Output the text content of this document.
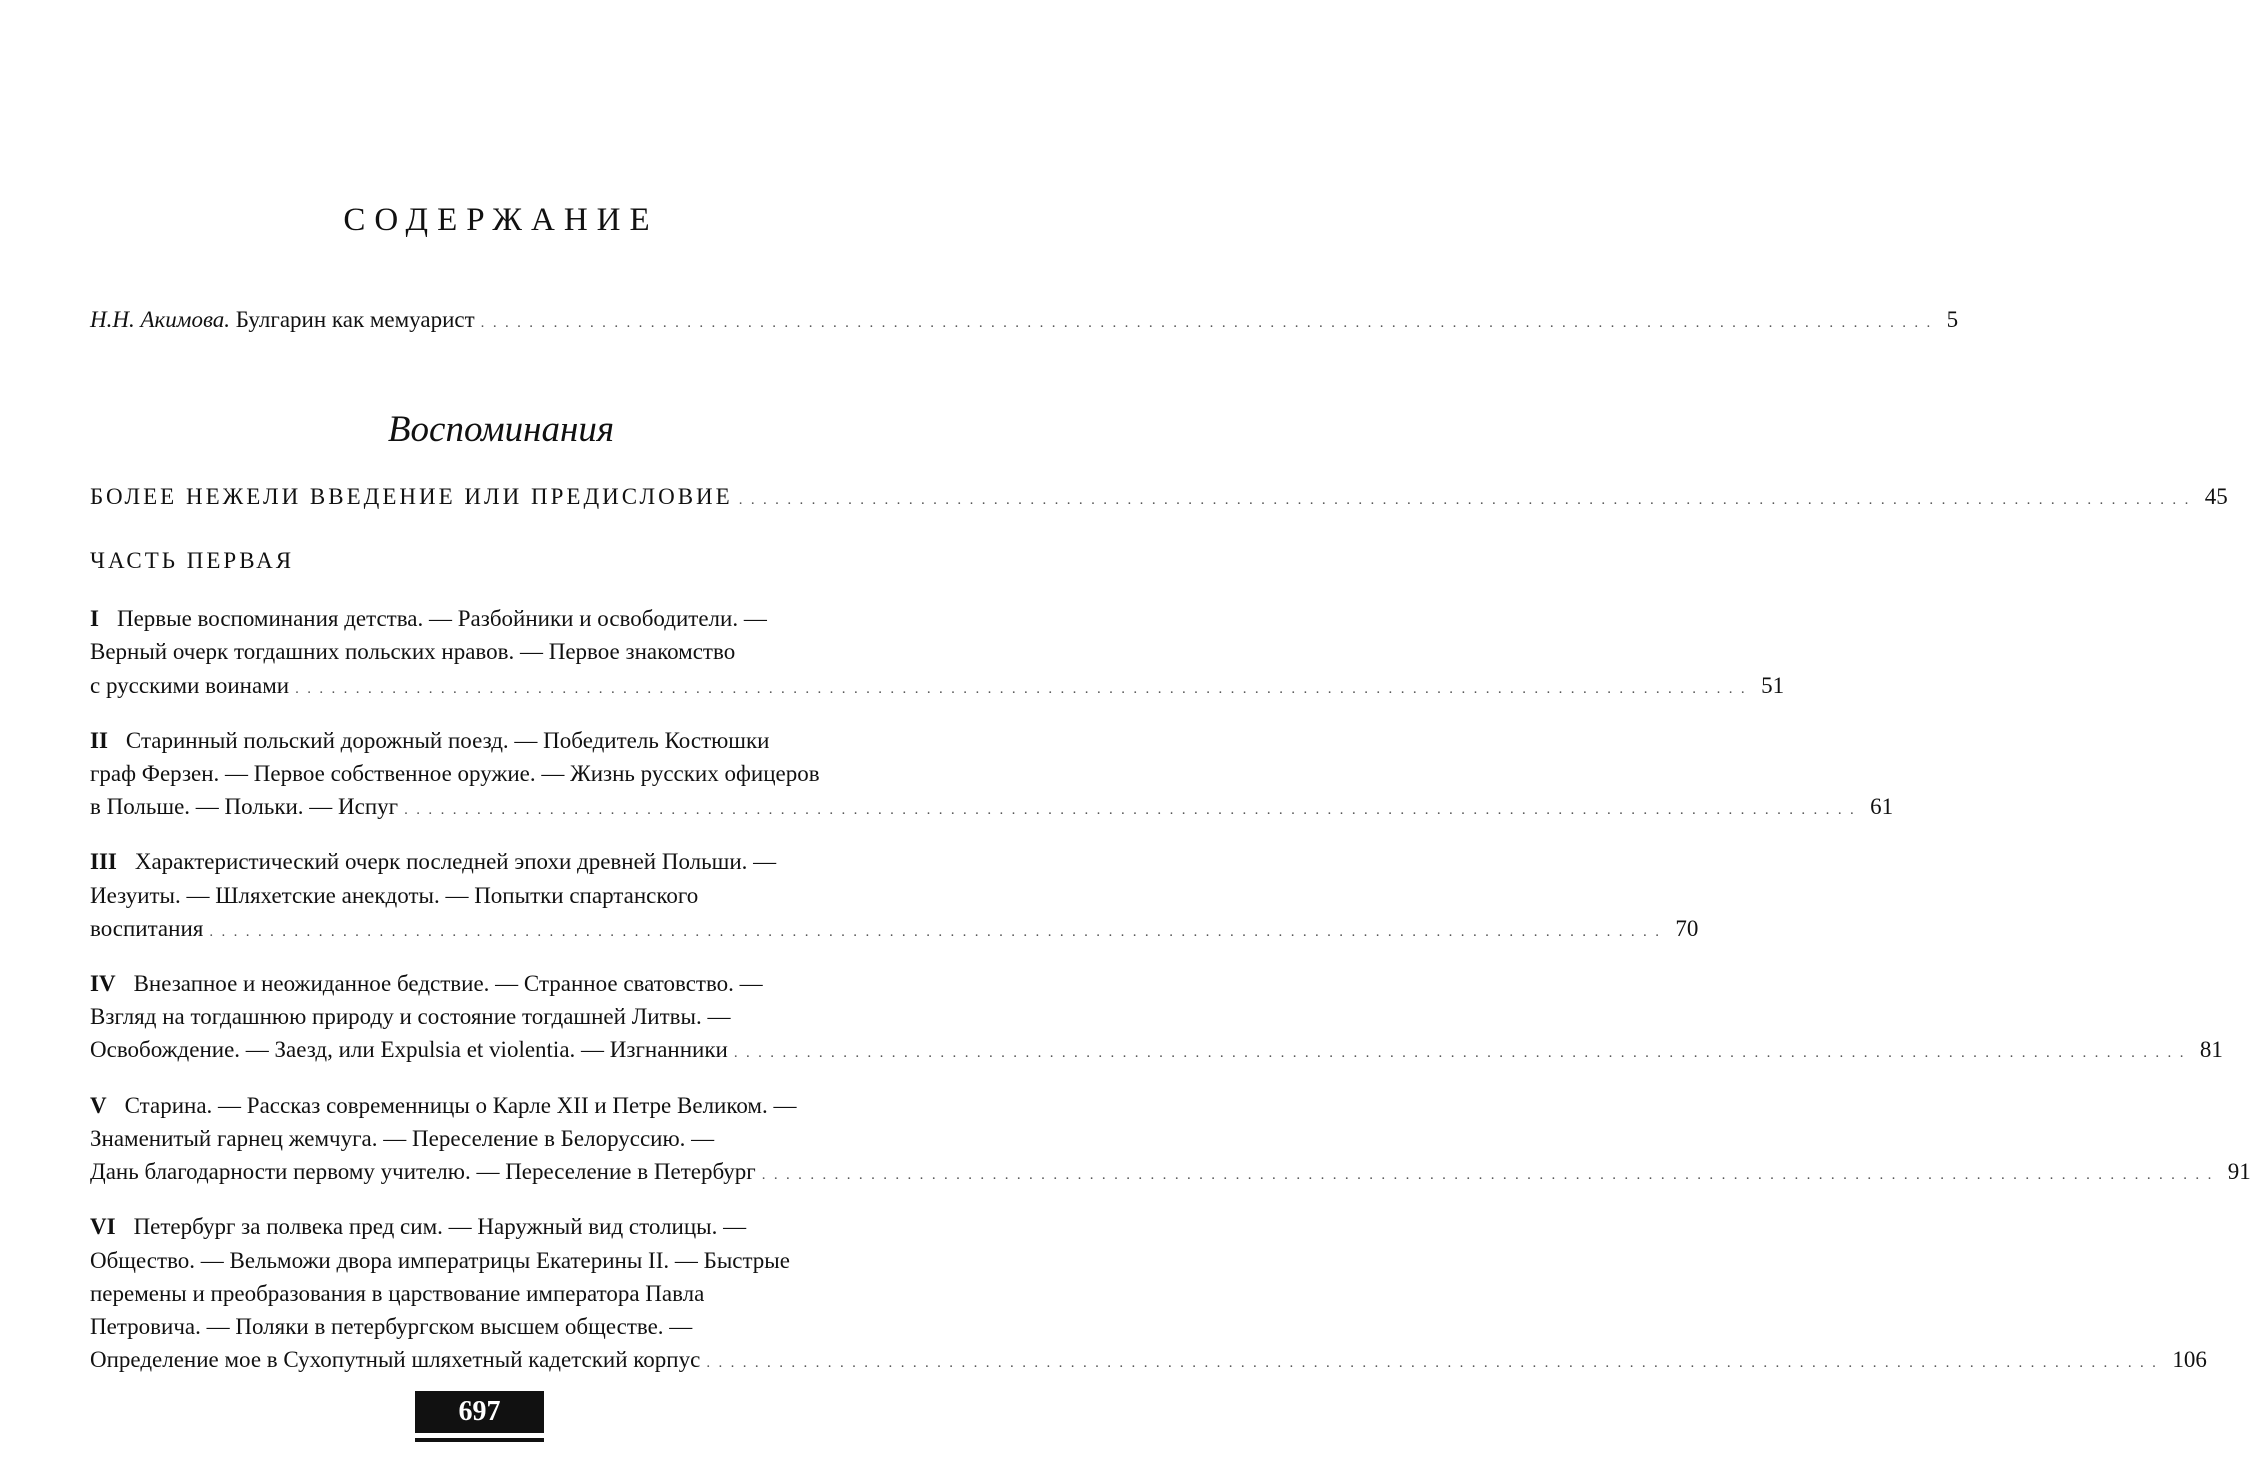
СОДЕРЖАНИЕ
Н.Н. Акимова. Булгарин как мемуарист ........................................................................................................................ 5
Воспоминания
БОЛЕЕ НЕЖЕЛИ ВВЕДЕНИЕ ИЛИ ПРЕДИСЛОВИЕ ........................................................................................................................ 45
ЧАСТЬ ПЕРВАЯ
I Первые воспоминания детства. — Разбойники и освободители. —
Верный очерк тогдашних польских нравов. — Первое знакомство
с русскими воинами ........................................................................................................................ 51
II Старинный польский дорожный поезд. — Победитель Костюшки
граф Ферзен. — Первое собственное оружие. — Жизнь русских офицеров
в Польше. — Польки. — Испуг ........................................................................................................................ 61
III Характеристический очерк последней эпохи древней Польши. —
Иезуиты. — Шляхетские анекдоты. — Попытки спартанского
воспитания ........................................................................................................................ 70
IV Внезапное и неожиданное бедствие. — Странное сватовство. —
Взгляд на тогдашнюю природу и состояние тогдашней Литвы. —
Освобождение. — Заезд, или Expulsia et violentia. — Изгнанники ........................................................................................................................ 81
V Старина. — Рассказ современницы о Карле XII и Петре Великом. —
Знаменитый гарнец жемчуга. — Переселение в Белоруссию. —
Дань благодарности первому учителю. — Переселение в Петербург ........................................................................................................................ 91
VI Петербург за полвека пред сим. — Наружный вид столицы. —
Общество. — Вельможи двора императрицы Екатерины II. — Быстрые
перемены и преобразования в царствование императора Павла
Петровича. — Поляки в петербургском высшем обществе. —
Определение мое в Сухопутный шляхетный кадетский корпус ........................................................................................................................ 106
697
